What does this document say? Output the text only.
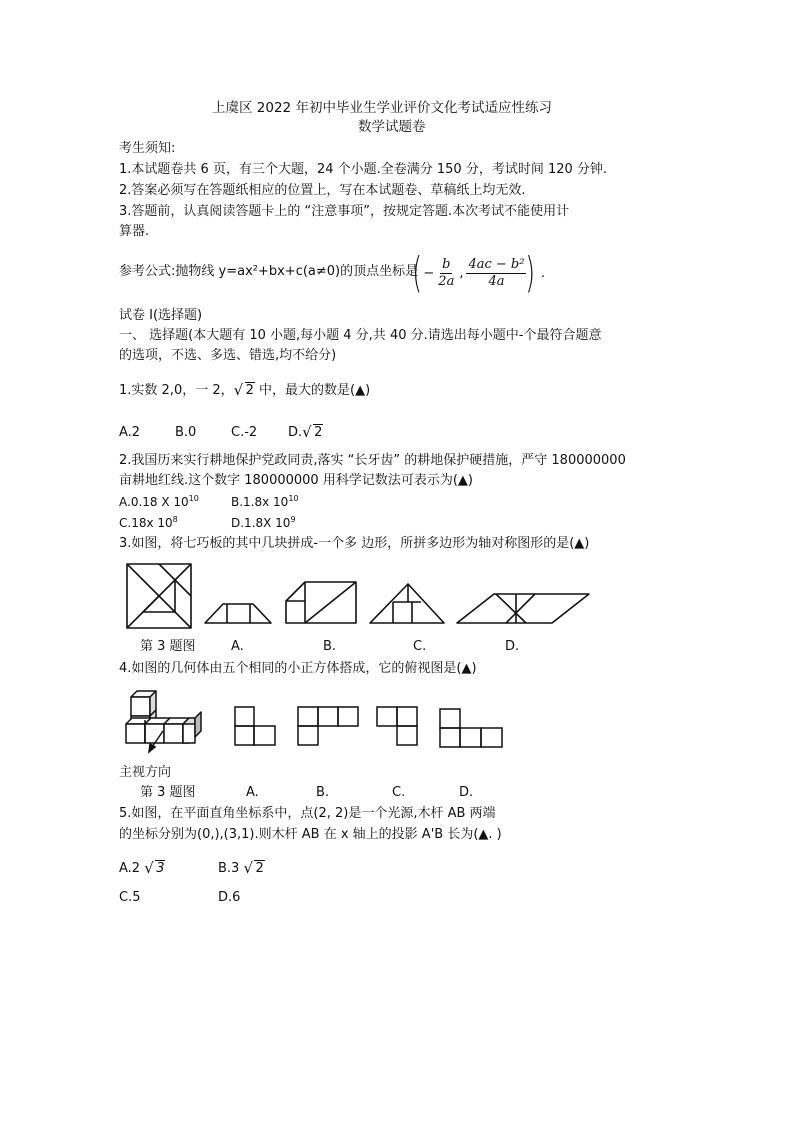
上虞区 2022 年初中毕业生学业评价文化考试适应性练习
数学试题卷
考生须知:
1.本试题卷共 6 页，有三个大题，24 个小题.全卷满分 150 分，考试时间 120 分钟.
2.答案必须写在答题纸相应的位置上，写在本试题卷、草稿纸上均无效.
3.答题前，认真阅读答题卡上的 “注意事项”，按规定答题.本次考试不能使用计
算器.
参考公式:抛物线 y=ax²+bx+c(a≠0)的顶点坐标是
( − $\frac{b}{2a}$ , $\frac{\text{4ac − b²}}{4a}$ ) .
试卷 I(选择题)
一、 选择题(本大题有 10 小题,每小题 4 分,共 40 分.请选出每小题中-个最符合题意
的选项，不选、多选、错选,均不给分)
1.实数 2,0，一 2， √ 2 中，最大的数是(▲)
A.2	B.0	C.-2 D. √ 2
2.我国历来实行耕地保护党政同责,落实 “长牙齿” 的耕地保护硬措施，严守 180000000
亩耕地红线.这个数字 180000000 用科学记数法可表示为(▲)
A.0.18 X $10^{10}$	B.1.8x $10^{10}$
C.18x $10^8$	D.1.8X $10^9$
3.如图，将七巧板的其中几块拼成-一个多 边形，所拼多边形为轴对称图形的是(▲)
第 3 题图	A.	B.	C.	D.
4.如图的几何体由五个相同的小正方体搭成，它的俯视图是(▲)
主视方向
第 3 题图	A.	B.	C.	D.
5.如图，在平面直角坐标系中，点(2, 2)是一个光源,木杆 AB 两端
的坐标分别为(0,),(3,1).则木杆 AB 在 x 轴上的投影 A'B 长为(▲. )
A.2 √ 3	B.3 √ 2
C.5	D.6
